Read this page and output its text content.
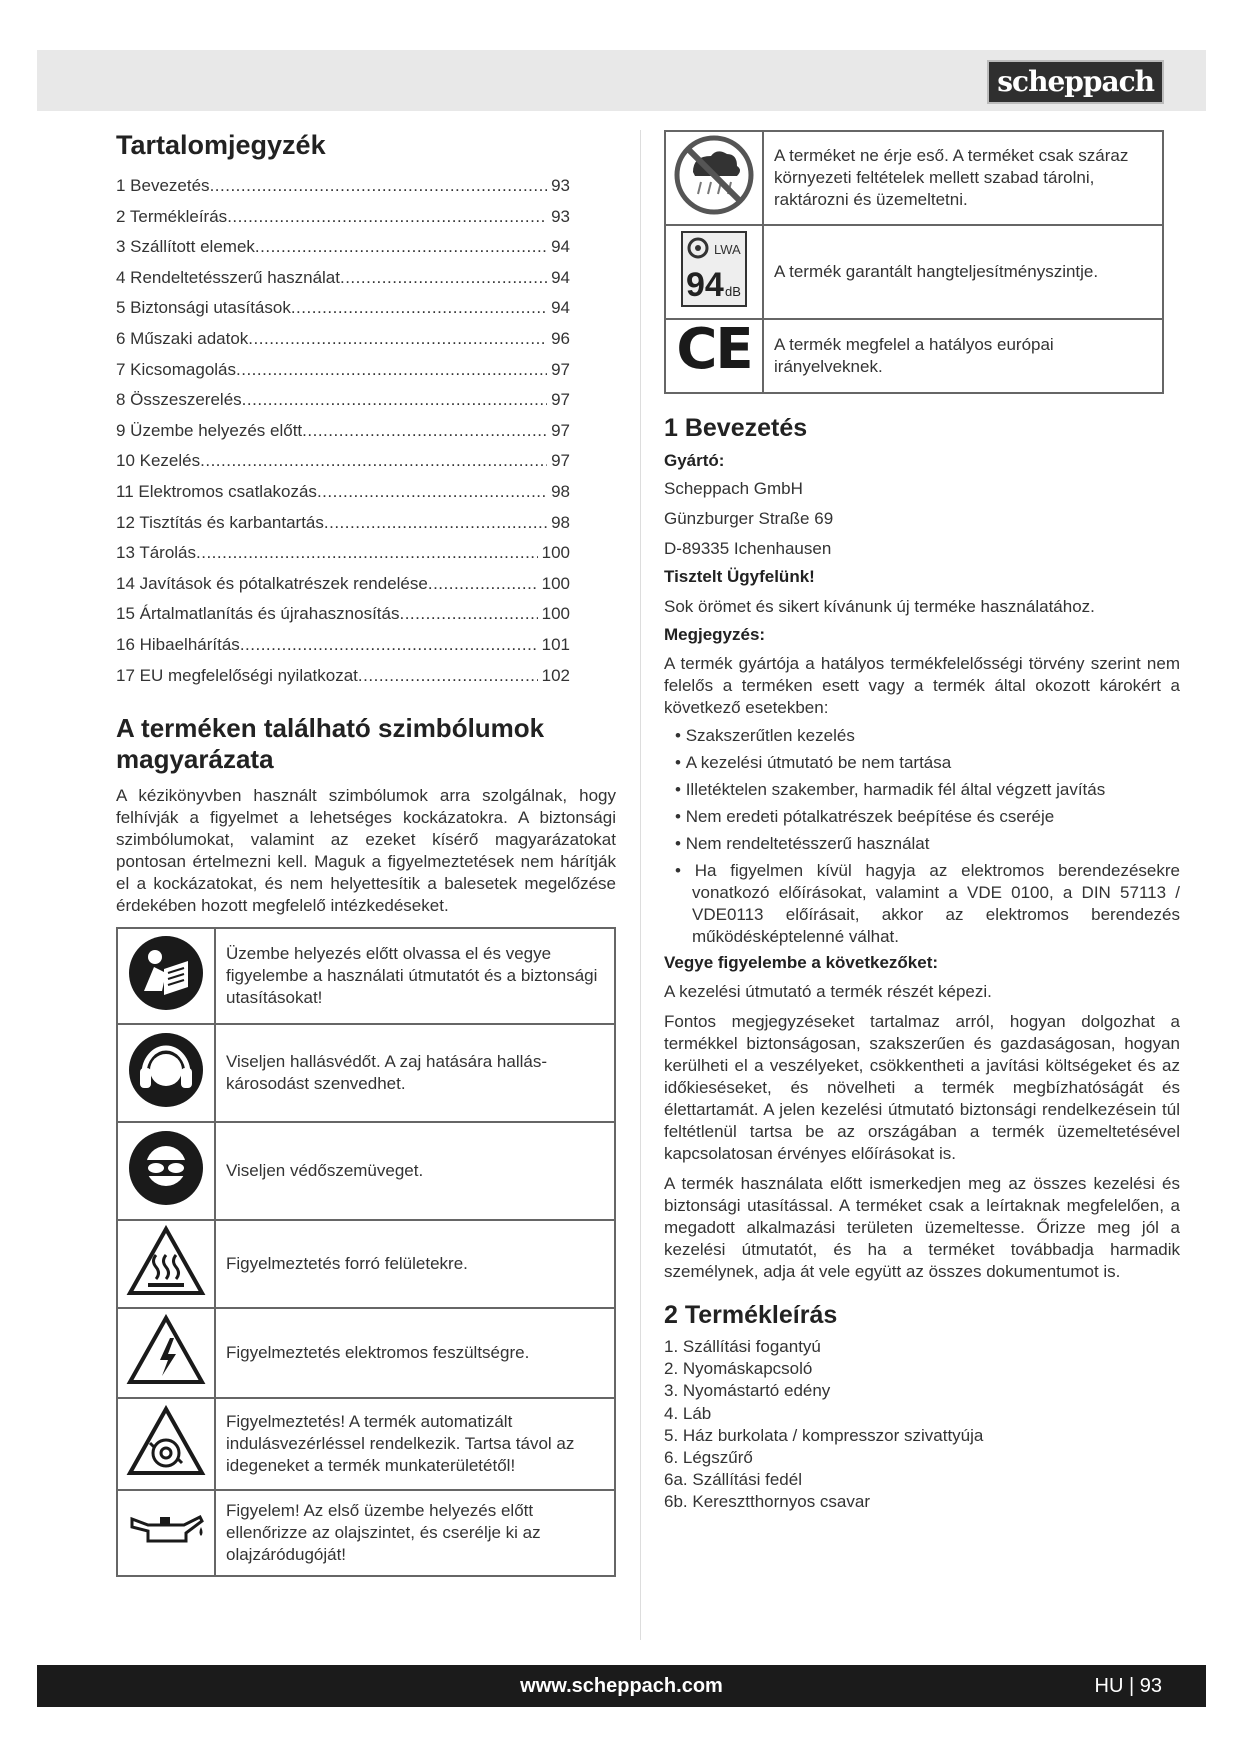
scheppach
Tartalomjegyzék
1 Bevezetés .....	93
2 Termékleírás .....	93
3 Szállított elemek .....	94
4 Rendeltetésszerű használat .....	94
5 Biztonsági utasítások .....	94
6 Műszaki adatok .....	96
7 Kicsomagolás .....	97
8 Összeszerelés .....	97
9 Üzembe helyezés előtt .....	97
10 Kezelés .....	97
11 Elektromos csatlakozás .....	98
12 Tisztítás és karbantartás .....	98
13 Tárolás .....	100
14 Javítások és pótalkatrészek rendelése .....	100
15 Ártalmatlanítás és újrahasznosítás .....	100
16 Hibaelhárítás .....	101
17 EU megfelelőségi nyilatkozat .....	102
A terméken található szimbólumok magyarázata

A kézikönyvben használt szimbólumok arra szolgálnak, hogy felhívják a figyelmet a lehetséges kockázatokra. A biztonsági szimbólumokat, valamint az ezeket kísérő magyarázatokat pontosan értelmezni kell. Maguk a figyelmeztetések nem hárítják el a kockázatokat, és nem helyettesítik a balesetek megelőzése érdekében hozott megfelelő intézkedéseket.

	Üzembe helyezés előtt olvassa el és vegye figyelembe a használati útmutatót és a biztonsági utasításokat!
	Viseljen hallásvédőt. A zaj hatására hallás-károsodást szenvedhet.
	Viseljen védőszemüveget.
	Figyelmeztetés forró felületekre.
	Figyelmeztetés elektromos feszültségre.
	Figyelmeztetés! A termék automatizált indulásvezérléssel rendelkezik. Tartsa távol az idegeneket a termék munkaterületétől!
	Figyelem! Az első üzembe helyezés előtt ellenőrizze az olajszintet, és cserélje ki az olajzáródugóját!
	A terméket ne érje eső. A terméket csak száraz környezeti feltételek mellett szabad tárolni, raktározni és üzemeltetni.

LWA
94 dB	A termék garantált hangteljesítményszintje.
CE	A termék megfelel a hatályos európai irányelveknek.
1 Bevezetés
Gyártó:
Scheppach GmbH
Günzburger Straße 69
D-89335 Ichenhausen
Tisztelt Ügyfelünk!
Sok örömet és sikert kívánunk új terméke használatához.
Megjegyzés:

A termék gyártója a hatályos termékfelelősségi törvény szerint nem felelős a terméken esett vagy a termék által okozott károkért a következő esetekben:

• Szakszerűtlen kezelés
• A kezelési útmutató be nem tartása
• Illetéktelen szakember, harmadik fél által végzett javítás
• Nem eredeti pótalkatrészek beépítése és cseréje
• Nem rendeltetésszerű használat
• Ha figyelmen kívül hagyja az elektromos berendezésekre vonatkozó előírásokat, valamint a VDE 0100, a DIN 57113 / VDE0113 előírásait, akkor az elektromos berendezés működésképtelenné válhat.
Vegye figyelembe a következőket:

A kezelési útmutató a termék részét képezi.

Fontos megjegyzéseket tartalmaz arról, hogyan dolgozhat a termékkel biztonságosan, szakszerűen és gazdaságosan, hogyan kerülheti el a veszélyeket, csökkentheti a javítási költségeket és az időkieséseket, és növelheti a termék megbízhatóságát és élettartamát. A jelen kezelési útmutató biztonsági rendelkezésein túl feltétlenül tartsa be az országában a termék üzemeltetésével kapcsolatosan érvényes előírásokat is.

A termék használata előtt ismerkedjen meg az összes kezelési és biztonsági utasítással. A terméket csak a leírtaknak megfelelően, a megadott alkalmazási területen üzemeltesse. Őrizze meg jól a kezelési útmutatót, és ha a terméket továbbadja harmadik személynek, adja át vele együtt az összes dokumentumot is.

2 Termékleírás
1. Szállítási fogantyú
2. Nyomáskapcsoló
3. Nyomástartó edény
4. Láb
5. Ház burkolata / kompresszor szivattyúja
6. Légszűrő
6a. Szállítási fedél
6b. Keresztthornyos csavar
www.scheppach.com	HU | 93
